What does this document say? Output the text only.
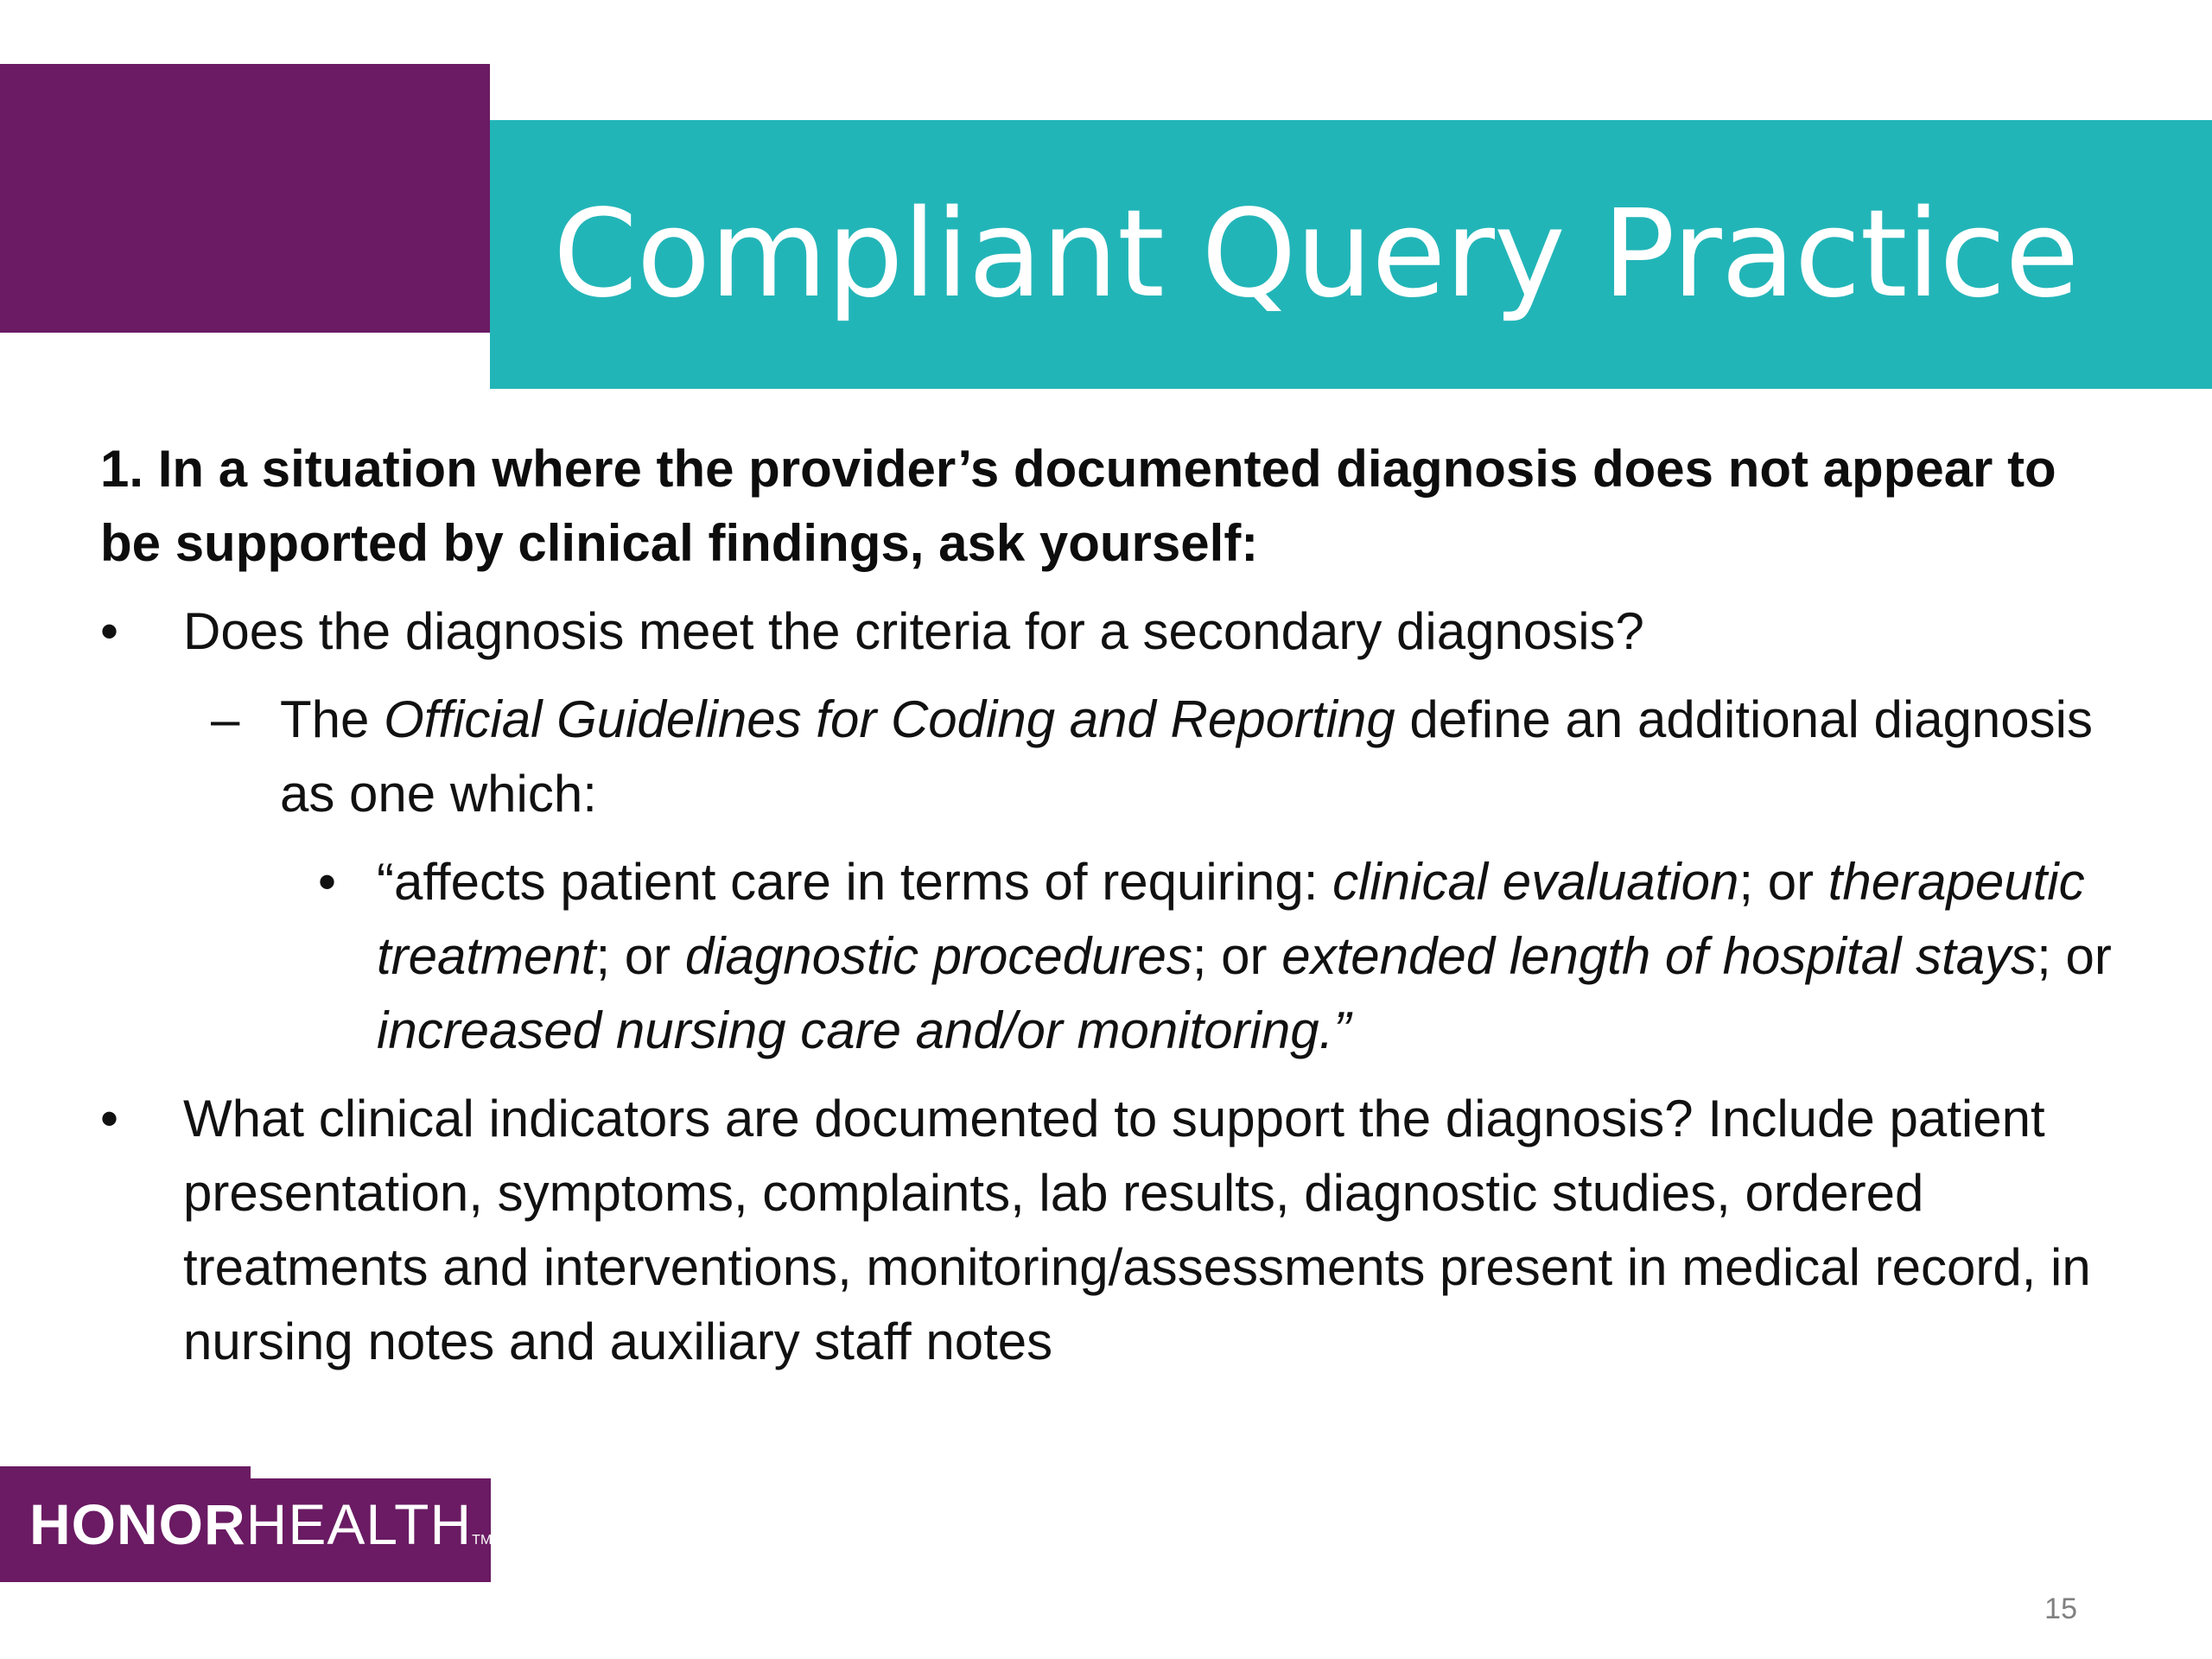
Compliant Query Practice

1. In a situation where the provider’s documented diagnosis does not appear to be supported by clinical findings, ask yourself:

• Does the diagnosis meet the criteria for a secondary diagnosis?
– The Official Guidelines for Coding and Reporting define an additional diagnosis as one which:
• “affects patient care in terms of requiring: clinical evaluation; or therapeutic treatment; or diagnostic procedures; or extended length of hospital stays; or increased nursing care and/or monitoring.”
• What clinical indicators are documented to support the diagnosis? Include patient presentation, symptoms, complaints, lab results, diagnostic studies, ordered treatments and interventions, monitoring/assessments present in medical record, in nursing notes and auxiliary staff notes
HONORHEALTHTM
15
